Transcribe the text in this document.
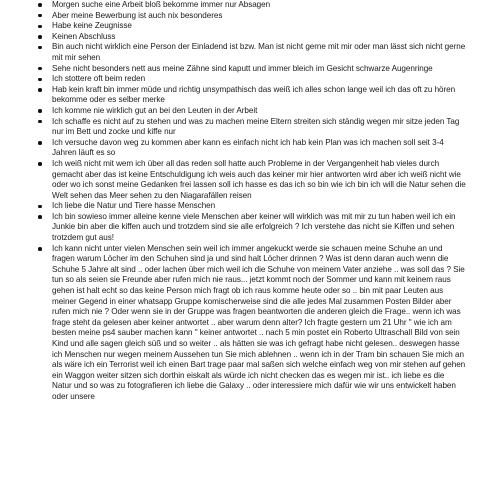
Morgen suche eine Arbeit bloß bekomme immer nur Absagen
Aber meine Bewerbung ist auch nix besonderes
Habe keine Zeugnisse
Keinen Abschluss
Bin auch nicht wirklich eine Person der Einladend ist bzw. Man ist nicht gerne mit mir oder man lässt sich nicht gerne mit mir sehen
Sehe nicht besonders nett aus meine Zähne sind kaputt und immer bleich im Gesicht schwarze Augenringe
Ich stottere oft beim reden
Hab kein kraft bin immer müde und richtig unsympathisch das weiß ich alles schon lange weil ich das oft zu hören bekomme oder es selber merke
Ich komme nie wirklich gut an bei den Leuten in der Arbeit
Ich schaffe es nicht auf zu stehen und was zu machen meine Eltern streiten sich ständig wegen mir sitze jeden Tag nur im Bett und zocke und kiffe nur
Ich versuche davon weg zu kommen aber kann es einfach nicht ich hab kein Plan was ich machen soll seit 3-4 Jahren läuft es so
Ich weiß nicht mit wem ich über all das reden soll hatte auch Probleme in der Vergangenheit hab vieles durch gemacht aber das ist keine Entschuldigung ich weis auch das keiner mir hier antworten wird aber ich weiß nicht wie oder wo ich sonst meine Gedanken frei lassen soll ich hasse es das ich so bin wie ich bin ich will die Natur sehen die Welt sehen das Meer sehen zu den Niagarafällen reisen
Ich liebe die Natur und Tiere hasse Menschen
Ich bin sowieso immer alleine kenne viele Menschen aber keiner will wirklich was mit mir zu tun haben weil ich ein Junkie bin aber die kiffen auch und trotzdem sind sie alle erfolgreich ? Ich verstehe das nicht sie Kiffen und sehen trotzdem gut aus!
Ich kann nicht unter vielen Menschen sein weil ich immer angekuckt werde sie schauen meine Schuhe an und fragen warum Löcher im den Schuhen sind ja und sind halt Löcher drinnen ? Was ist denn daran auch wenn die Schuhe 5 Jahre alt sind .. oder lachen über mich weil ich die Schuhe von meinem Vater anziehe .. was soll das ? Sie tun so als seien sie Freunde aber rufen mich nie raus... jetzt kommt noch der Sommer und kann mit keinem raus gehen ist halt echt so das keine Person mich fragt ob ich raus komme heute oder so .. bin mit paar Leuten aus meiner Gegend in einer whatsapp Gruppe komischerweise sind die alle jedes Mal zusammen Posten Bilder aber rufen mich nie ? Oder wenn sie in der Gruppe was fragen beantworten die anderen gleich die Frage.. wenn ich was frage steht da gelesen aber keiner antwortet .. aber warum denn alter? Ich fragte gestern um 21 Uhr " wie ich am besten meine ps4 sauber machen kann " keiner antwortet .. nach 5 min postet ein Roberto Ultraschall Bild von sein Kind und alle sagen gleich süß und so weiter .. als hätten sie was ich gefragt habe nicht gelesen.. deswegen hasse ich Menschen nur wegen meinem Aussehen tun Sie mich ablehnen .. wenn ich in der Tram bin schauen Sie mich an als wäre ich ein Terrorist weil ich einen Bart trage paar mal saßen sich welche einfach weg von mir stehen auf gehen ein Waggon weiter sitzen sich dorthin eiskalt als würde ich nicht checken das es wegen mir ist.. ich liebe es die Natur und so was zu fotografieren ich liebe die Galaxy .. oder interessiere mich dafür wie wir uns entwickelt haben oder unsere
